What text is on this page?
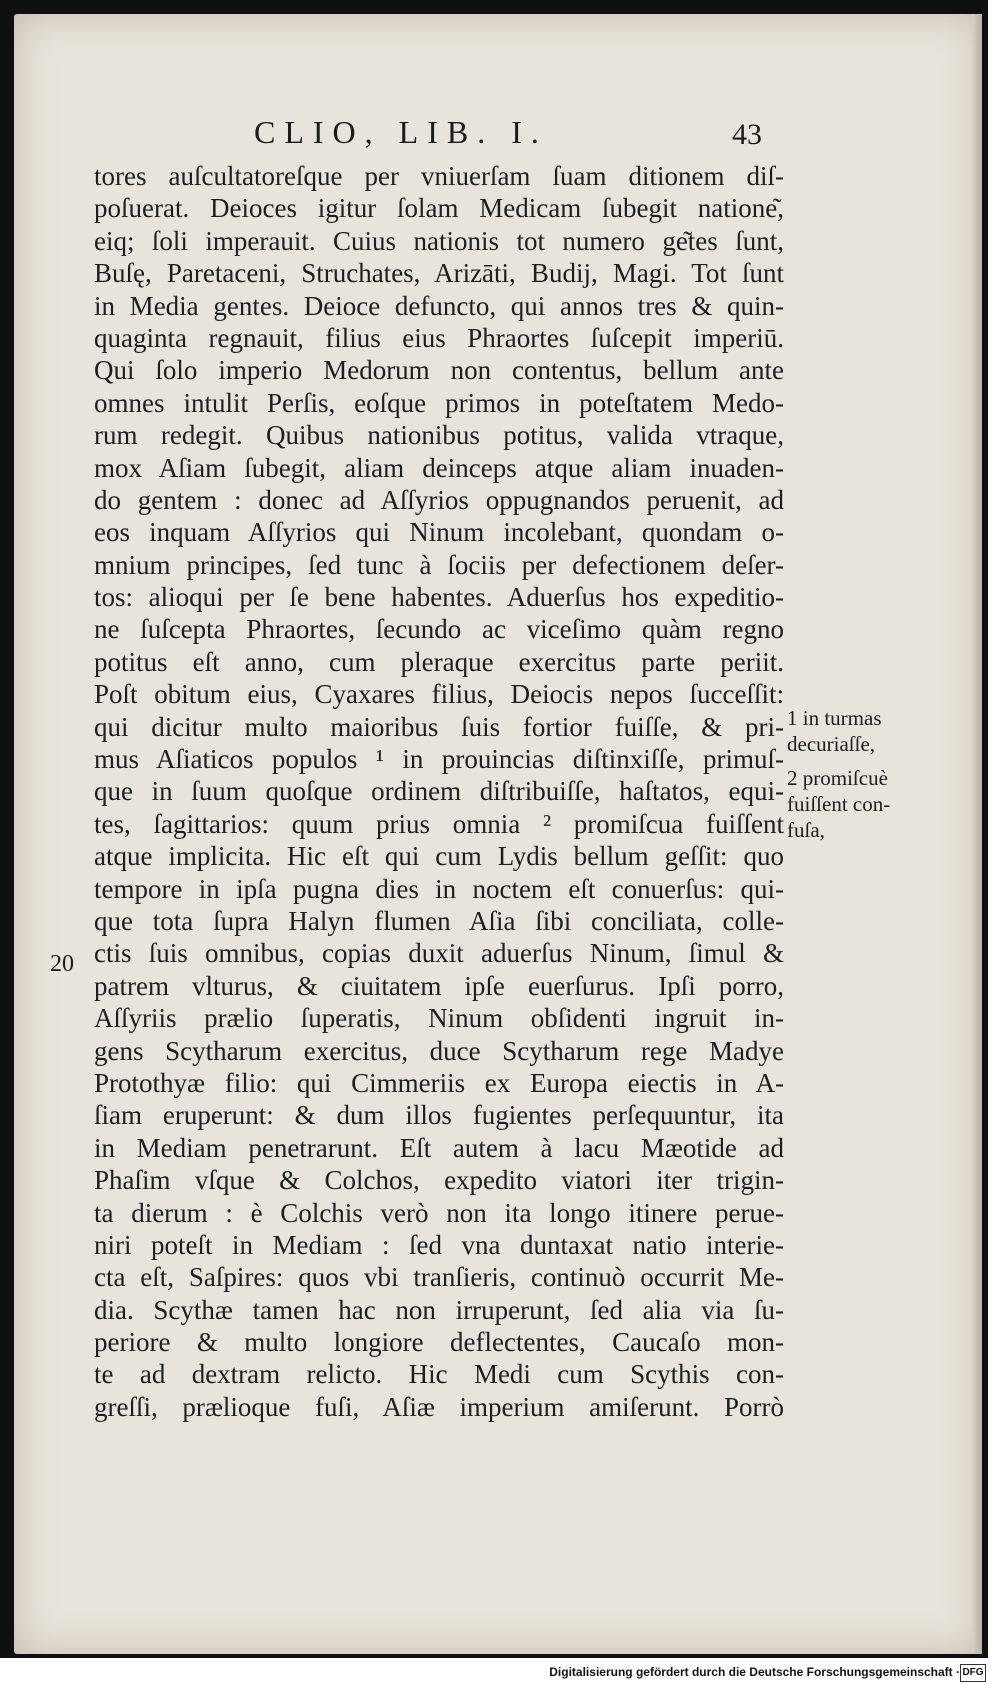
CLIO, LIB. I.	43
tores auſcultatoreſque per vniuerſam ſuam ditionem diſ-
poſuerat. Deioces igitur ſolam Medicam ſubegit natione͂,
eiq; ſoli imperauit. Cuius nationis tot numero ge͂tes ſunt,
Buſę, Paretaceni, Struchates, Arizāti, Budij, Magi. Tot ſunt
in Media gentes. Deioce defuncto, qui annos tres & quin-
quaginta regnauit, filius eius Phraortes ſuſcepit imperiū.
Qui ſolo imperio Medorum non contentus, bellum ante
omnes intulit Perſis, eoſque primos in poteſtatem Medo-
rum redegit. Quibus nationibus potitus, valida vtraque,
mox Aſiam ſubegit, aliam deinceps atque aliam inuaden-
do gentem : donec ad Aſſyrios oppugnandos peruenit, ad
eos inquam Aſſyrios qui Ninum incolebant, quondam o-
mnium principes, ſed tunc à ſociis per defectionem deſer-
tos: alioqui per ſe bene habentes. Aduerſus hos expeditio-
ne ſuſcepta Phraortes, ſecundo ac viceſimo quàm regno
potitus eſt anno, cum pleraque exercitus parte periit.
Poſt obitum eius, Cyaxares filius, Deiocis nepos ſucceſſit:
qui dicitur multo maioribus ſuis fortior fuiſſe, & pri-
mus Aſiaticos populos ¹ in prouincias diſtinxiſſe, primuſ-
que in ſuum quoſque ordinem diſtribuiſſe, haſtatos, equi-
tes, ſagittarios: quum prius omnia ² promiſcua fuiſſent
atque implicita. Hic eſt qui cum Lydis bellum geſſit: quo
tempore in ipſa pugna dies in noctem eſt conuerſus: qui-
que tota ſupra Halyn flumen Aſia ſibi conciliata, colle-
ctis ſuis omnibus, copias duxit aduerſus Ninum, ſimul &
patrem vlturus, & ciuitatem ipſe euerſurus. Ipſi porro,
Aſſyriis prælio ſuperatis, Ninum obſidenti ingruit in-
gens Scytharum exercitus, duce Scytharum rege Madye
Protothyæ filio: qui Cimmeriis ex Europa eiectis in A-
ſiam eruperunt: & dum illos fugientes perſequuntur, ita
in Mediam penetrarunt. Eſt autem à lacu Mæotide ad
Phaſim vſque & Colchos, expedito viatori iter trigin-
ta dierum : è Colchis verò non ita longo itinere perue-
niri poteſt in Mediam : ſed vna duntaxat natio interie-
cta eſt, Saſpires: quos vbi tranſieris, continuò occurrit Me-
dia. Scythæ tamen hac non irruperunt, ſed alia via ſu-
periore & multo longiore deflectentes, Caucaſo mon-
te ad dextram relicto. Hic Medi cum Scythis con-
greſſi, prælioque fuſi, Aſiæ imperium amiſerunt. Porrò
20
1 in turmas
decuriaſſe,
2 promiſcuè
fuiſſent con-
fuſa,
Digitalisierung gefördert durch die Deutsche Forschungsgemeinschaft · DFG
